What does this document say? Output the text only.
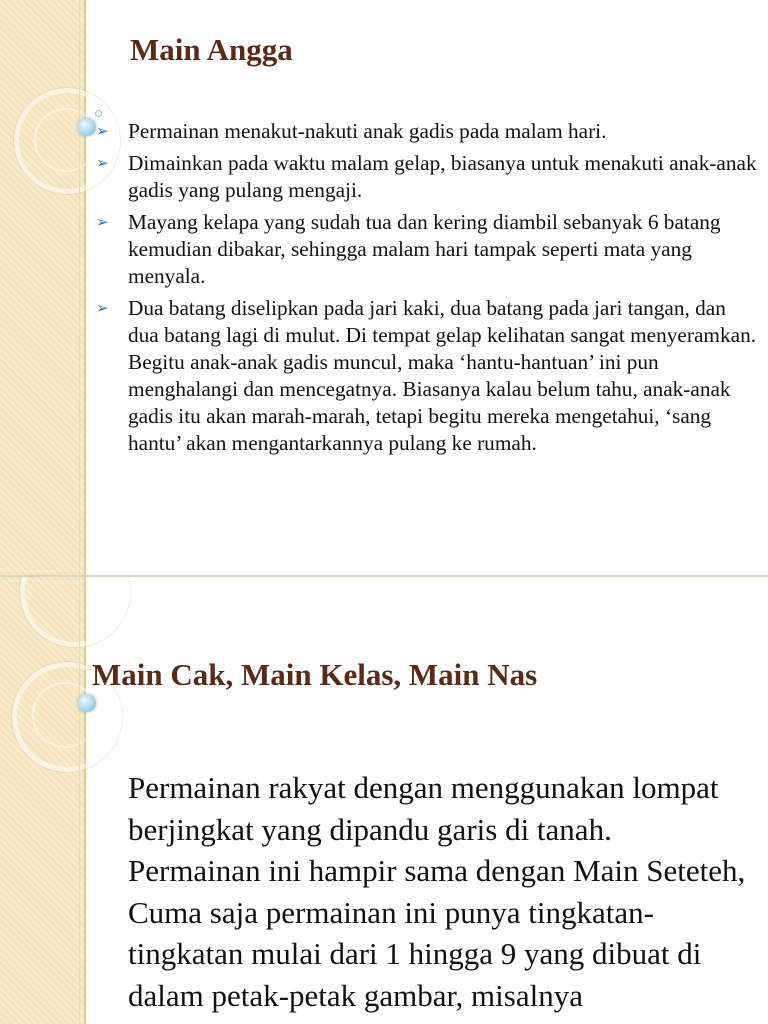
Main Angga
➢ Permainan menakut-nakuti anak gadis pada malam hari.
➢ Dimainkan pada waktu malam gelap, biasanya untuk menakuti anak-anak gadis yang pulang mengaji.
➢ Mayang kelapa yang sudah tua dan kering diambil sebanyak 6 batang kemudian dibakar, sehingga malam hari tampak seperti mata yang menyala.
➢ Dua batang diselipkan pada jari kaki, dua batang pada jari tangan, dan dua batang lagi di mulut. Di tempat gelap kelihatan sangat menyeramkan. Begitu anak-anak gadis muncul, maka ‘hantu-hantuan’ ini pun menghalangi dan mencegatnya. Biasanya kalau belum tahu, anak-anak gadis itu akan marah-marah, tetapi begitu mereka mengetahui, ‘sang hantu’ akan mengantarkannya pulang ke rumah.
Main Cak, Main Kelas, Main Nas

Permainan rakyat dengan menggunakan lompat berjingkat yang dipandu garis di tanah. Permainan ini hampir sama dengan Main Seteteh, Cuma saja permainan ini punya tingkatan-tingkatan mulai dari 1 hingga 9 yang dibuat di dalam petak-petak gambar, misalnya
